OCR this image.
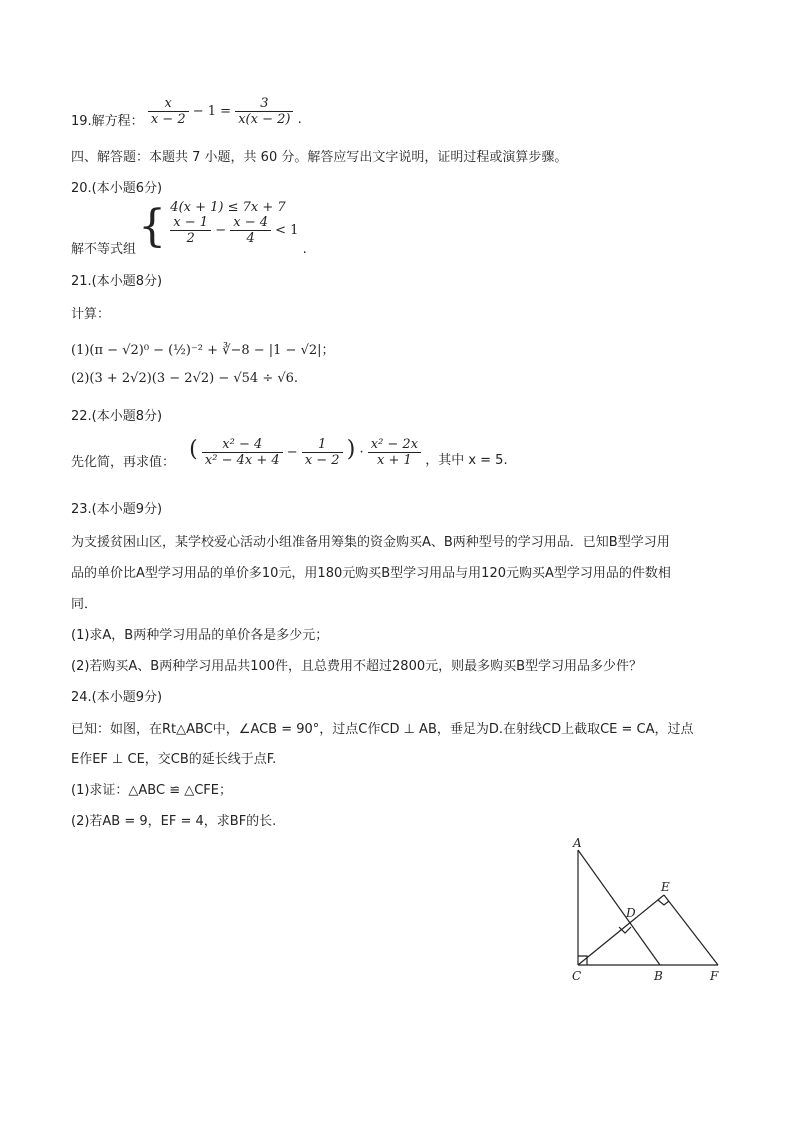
19.解方程： $\frac{x}{x - 2} - 1 = \frac{3}{x(x - 2)}$ .
四、解答题：本题共 7 小题，共 60 分。解答应写出文字说明，证明过程或演算步骤。
20.(本小题6分)
解不等式组 { 4(x + 1) ≤ 7x + 7
$\frac{x - 1}{2} - \frac{x - 4}{4} < 1$
.
21.(本小题8分)
计算：
(1)(π − √2)⁰ − (½)⁻² + ∛−8 − |1 − √2|；
(2)(3 + 2√2)(3 − 2√2) − √54 ÷ √6.
22.(本小题8分)
先化简，再求值： ( $\frac{\text{x² − 4}}{\text{x² − 4x + 4}} - \frac{1}{x - 2}$ ) · $\frac{\text{x² − 2x}}{x + 1}$ ，其中 x = 5.
23.(本小题9分)
为支援贫困山区，某学校爱心活动小组准备用筹集的资金购买A、B两种型号的学习用品．已知B型学习用
品的单价比A型学习用品的单价多10元，用180元购买B型学习用品与用120元购买A型学习用品的件数相
同．
(1)求A，B两种学习用品的单价各是多少元；
(2)若购买A、B两种学习用品共100件，且总费用不超过2800元，则最多购买B型学习用品多少件？
24.(本小题9分)
已知：如图，在Rt△ABC中，∠ACB = 90°，过点C作CD ⊥ AB，垂足为D.在射线CD上截取CE = CA，过点
E作EF ⊥ CE，交CB的延长线于点F.
(1)求证：△ABC ≌ △CFE；
(2)若AB = 9，EF = 4，求BF的长.
A
E
D
C	B	F
